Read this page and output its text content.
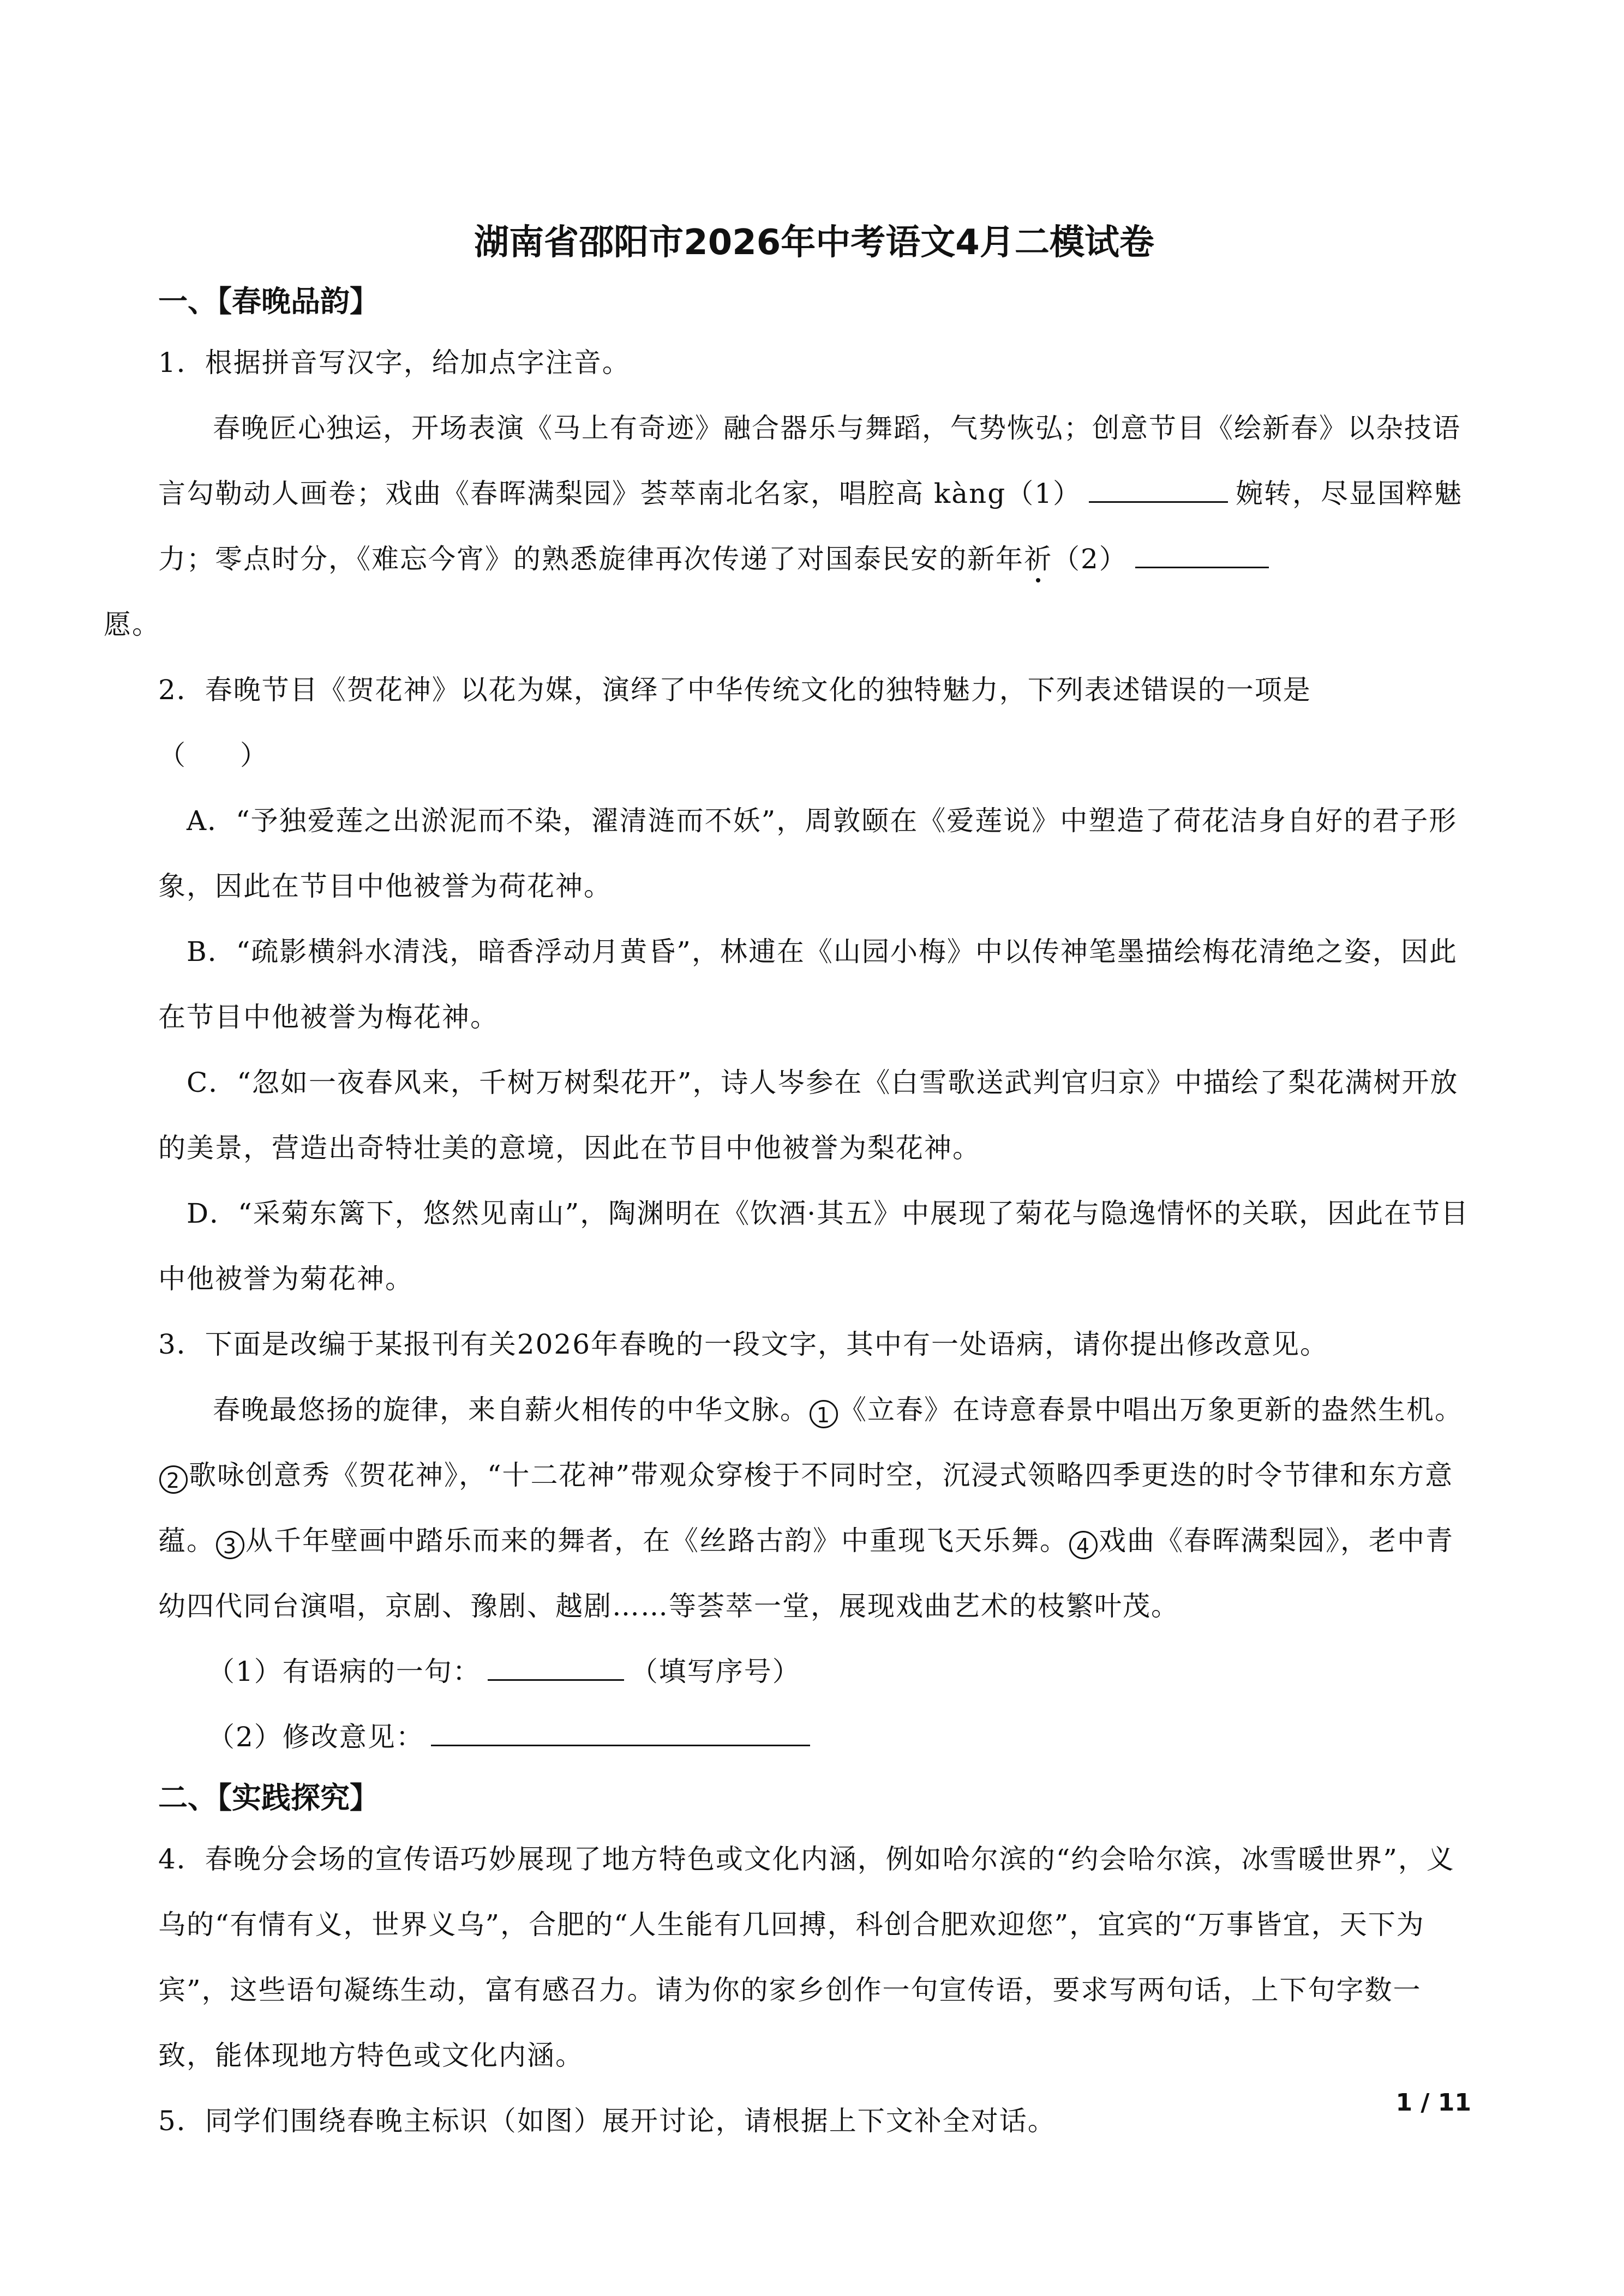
湖南省邵阳市2026年中考语文4月二模试卷

一、【春晚品韵】

1．根据拼音写汉字，给加点字注音。

春晚匠心独运，开场表演《马上有奇迹》融合器乐与舞蹈，气势恢弘；创意节目《绘新春》以杂技语言勾勒动人画卷；戏曲《春晖满梨园》荟萃南北名家，唱腔高 kàng（1）	婉转，尽显国粹魅力；零点时分，《难忘今宵》的熟悉旋律再次传递了对国泰民安的新年祈（2）
愿。

2．春晚节目《贺花神》以花为媒，演绎了中华传统文化的独特魅力，下列表述错误的一项是

（　　）

A．“予独爱莲之出淤泥而不染，濯清涟而不妖”，周敦颐在《爱莲说》中塑造了荷花洁身自好的君子形象，因此在节目中他被誉为荷花神。

B．“疏影横斜水清浅，暗香浮动月黄昏”，林逋在《山园小梅》中以传神笔墨描绘梅花清绝之姿，因此在节目中他被誉为梅花神。

C．“忽如一夜春风来，千树万树梨花开”，诗人岑参在《白雪歌送武判官归京》中描绘了梨花满树开放的美景，营造出奇特壮美的意境，因此在节目中他被誉为梨花神。

D．“采菊东篱下，悠然见南山”，陶渊明在《饮酒·其五》中展现了菊花与隐逸情怀的关联，因此在节目中他被誉为菊花神。

3．下面是改编于某报刊有关2026年春晚的一段文字，其中有一处语病，请你提出修改意见。

春晚最悠扬的旋律，来自薪火相传的中华文脉。 1 《立春》在诗意春景中唱出万象更新的盎然生机。2 歌咏创意秀《贺花神》，“十二花神”带观众穿梭于不同时空，沉浸式领略四季更迭的时令节律和东方意蕴。 3 从千年壁画中踏乐而来的舞者，在《丝路古韵》中重现飞天乐舞。 4 戏曲《春晖满梨园》，老中青幼四代同台演唱，京剧、豫剧、越剧……等荟萃一堂，展现戏曲艺术的枝繁叶茂。

（1）有语病的一句：	（填写序号）

（2）修改意见：

二、【实践探究】

4．春晚分会场的宣传语巧妙展现了地方特色或文化内涵，例如哈尔滨的“约会哈尔滨，冰雪暖世界”，义乌的“有情有义，世界义乌”，合肥的“人生能有几回搏，科创合肥欢迎您”，宜宾的“万事皆宜，天下为宾”，这些语句凝练生动，富有感召力。请为你的家乡创作一句宣传语，要求写两句话，上下句字数一致，能体现地方特色或文化内涵。

5．同学们围绕春晚主标识（如图）展开讨论，请根据上下文补全对话。

1 / 11
